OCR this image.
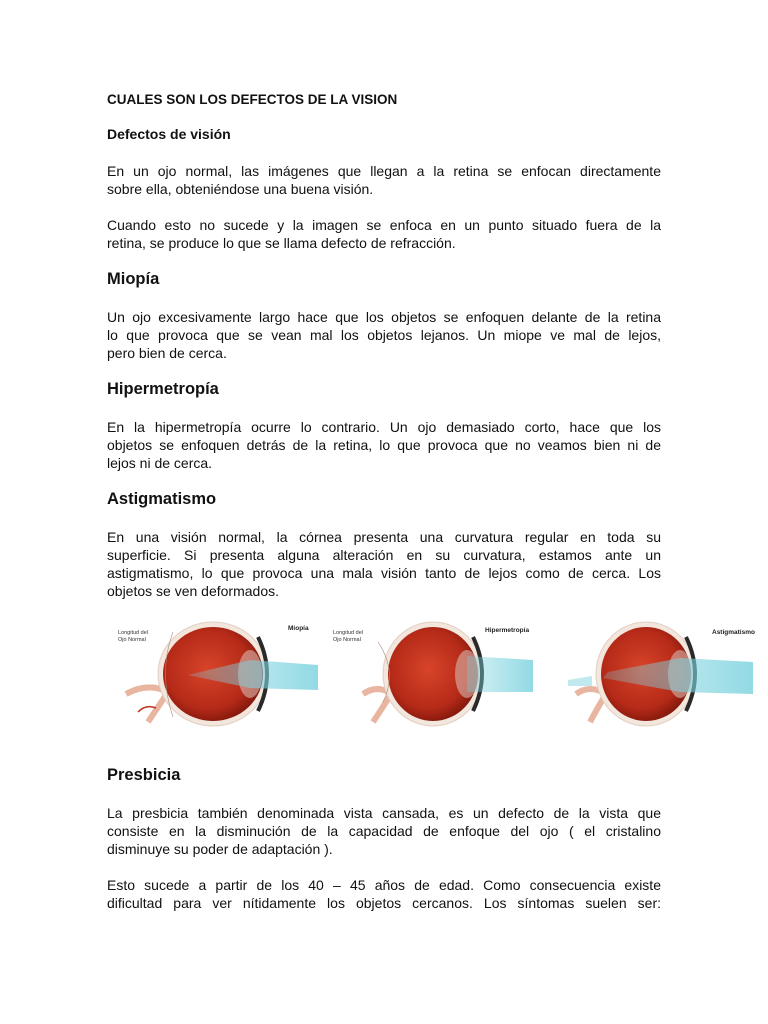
CUALES SON LOS DEFECTOS DE LA VISION
Defectos de visión
En un ojo normal, las imágenes que llegan a la retina se enfocan directamente
sobre ella, obteniéndose una buena visión.
Cuando esto no sucede y la imagen se enfoca en un punto situado fuera de la
retina, se produce lo que se llama defecto de refracción.
Miopía
Un ojo excesivamente largo hace que los objetos se enfoquen delante de la retina
lo que provoca que se vean mal los objetos lejanos. Un miope ve mal de lejos,
pero bien de cerca.
Hipermetropía
En la hipermetropía ocurre lo contrario. Un ojo demasiado corto, hace que los
objetos se enfoquen detrás de la retina, lo que provoca que no veamos bien ni de
lejos ni de cerca.
Astigmatismo
En una visión normal, la córnea presenta una curvatura regular en toda su
superficie. Si presenta alguna alteración en su curvatura, estamos ante un
astigmatismo, lo que provoca una mala visión tanto de lejos como de cerca. Los
objetos se ven deformados.
Presbicia
La presbicia también denominada vista cansada, es un defecto de la vista que
consiste en la disminución de la capacidad de enfoque del ojo ( el cristalino
disminuye su poder de adaptación ).
Esto sucede a partir de los 40 – 45 años de edad. Como consecuencia existe
dificultad para ver nítidamente los objetos cercanos. Los síntomas suelen ser:
Longitud del
Ojo Normal
Miopía
Longitud del
Ojo Normal
Hipermetropía	Astigmatismo
